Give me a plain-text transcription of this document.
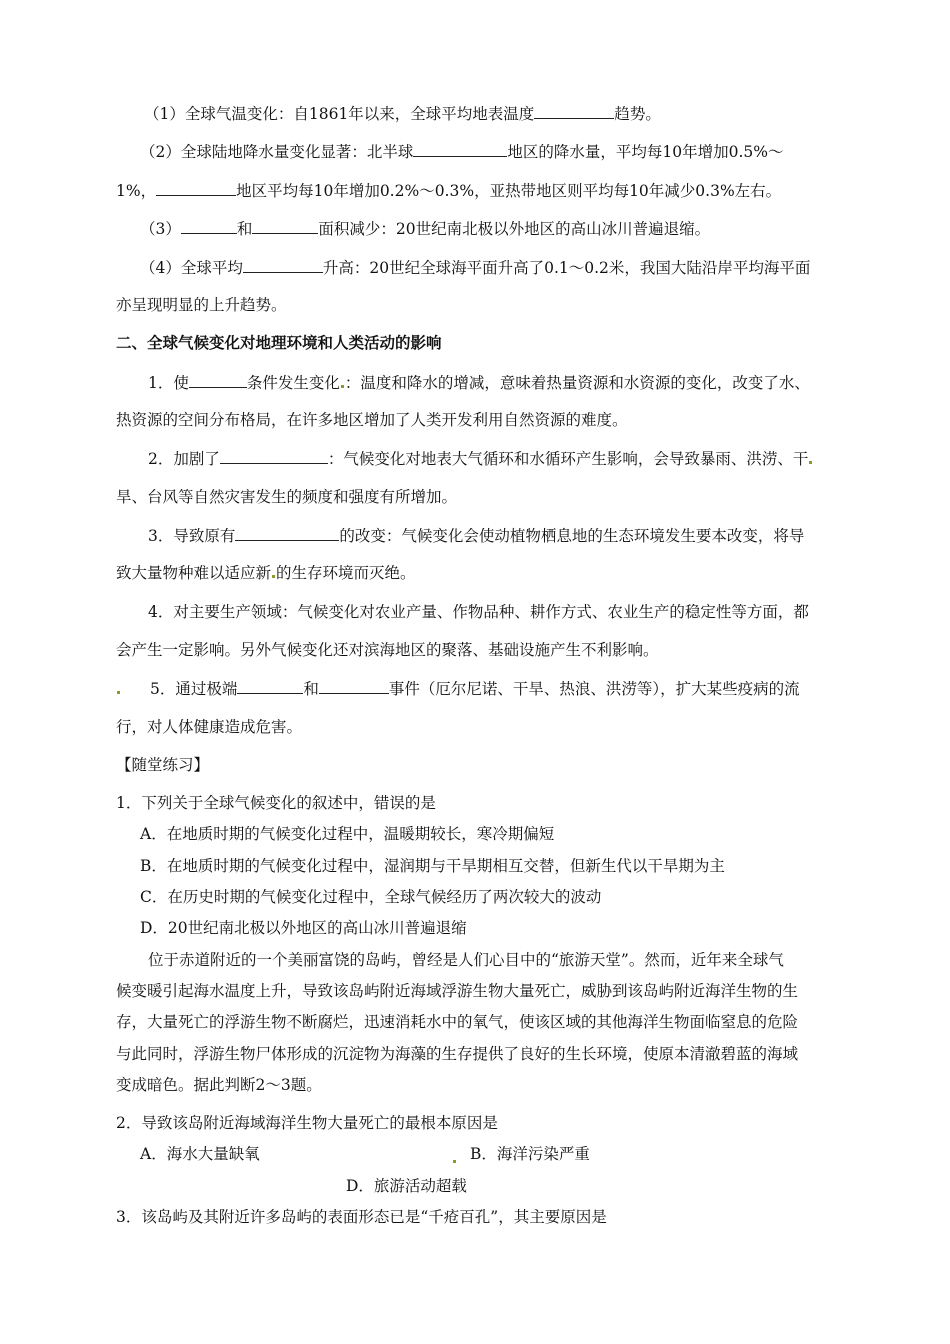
（1）全球气温变化：自1861年以来，全球平均地表温度	趋势。
（2）全球陆地降水量变化显著：北半球	地区的降水量，平均每10年增加0.5%～
1%，	地区平均每10年增加0.2%～0.3%，亚热带地区则平均每10年减少0.3%左右。
（3）	和	面积减少：20世纪南北极以外地区的高山冰川普遍退缩。
（4）全球平均	升高：20世纪全球海平面升高了0.1～0.2米，我国大陆沿岸平均海平面
亦呈现明显的上升趋势。
二、全球气候变化对地理环境和人类活动的影响
1．使	条件发生变化 ：温度和降水的增减，意味着热量资源和水资源的变化，改变了水、
热资源的空间分布格局，在许多地区增加了人类开发利用自然资源的难度。
2．加剧了	：气候变化对地表大气循环和水循环产生影响，会导致暴雨、洪涝、干
旱、台风等自然灾害发生的频度和强度有所增加。
3．导致原有	的改变：气候变化会使动植物栖息地的生态环境发生要本改变，将导
致大量物种难以适应新 的生存环境而灭绝。
4．对主要生产领域：气候变化对农业产量、作物品种、耕作方式、农业生产的稳定性等方面，都
会产生一定影响。另外气候变化还对滨海地区的聚落、基础设施产生不利影响。
5．通过极端	和	事件（厄尔尼诺、干旱、热浪、洪涝等），扩大某些疫病的流
行，对人体健康造成危害。
【随堂练习】
1．下列关于全球气候变化的叙述中，错误的是
A．在地质时期的气候变化过程中，温暖期较长，寒冷期偏短
B．在地质时期的气候变化过程中，湿润期与干旱期相互交替，但新生代以干旱期为主
C．在历史时期的气候变化过程中，全球气候经历了两次较大的波动
D．20世纪南北极以外地区的高山冰川普遍退缩
位于赤道附近的一个美丽富饶的岛屿，曾经是人们心目中的“旅游天堂”。然而，近年来全球气
候变暖引起海水温度上升，导致该岛屿附近海域浮游生物大量死亡，威胁到该岛屿附近海洋生物的生
存，大量死亡的浮游生物不断腐烂，迅速消耗水中的氧气，使该区域的其他海洋生物面临窒息的危险
与此同时，浮游生物尸体形成的沉淀物为海藻的生存提供了良好的生长环境，使原本清澈碧蓝的海域
变成暗色。据此判断2～3题。
2．导致该岛附近海域海洋生物大量死亡的最根本原因是
A．海水大量缺氧	B．海洋污染严重
D．旅游活动超载
3．该岛屿及其附近许多岛屿的表面形态已是“千疮百孔”，其主要原因是
